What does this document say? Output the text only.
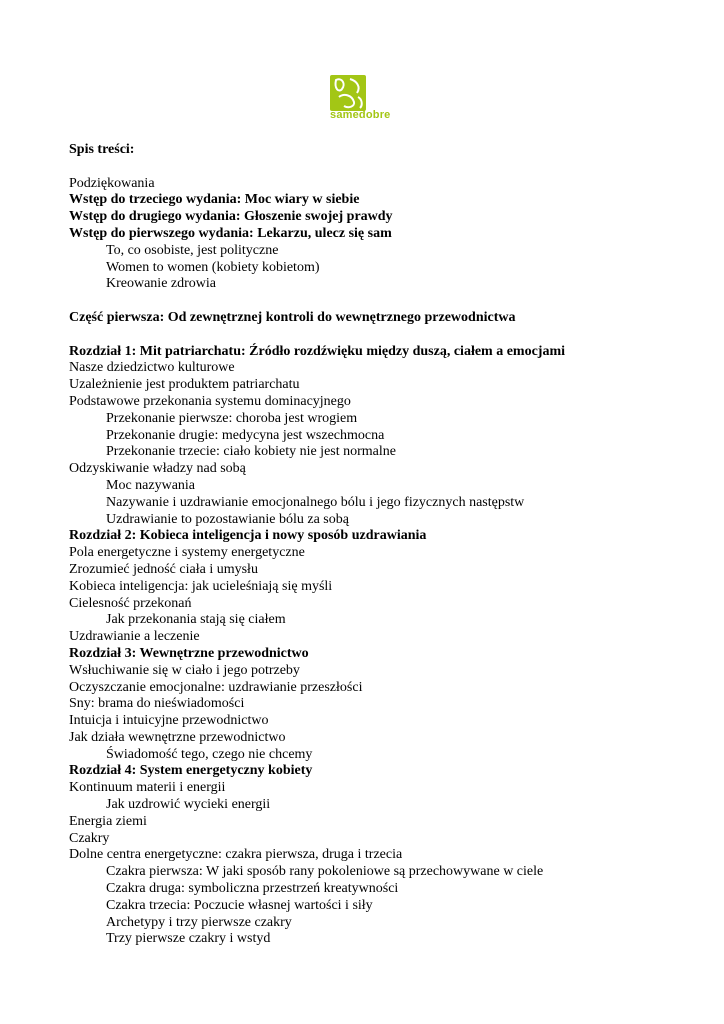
samedobre
Spis treści:
Podziękowania
Wstęp do trzeciego wydania: Moc wiary w siebie
Wstęp do drugiego wydania: Głoszenie swojej prawdy
Wstęp do pierwszego wydania: Lekarzu, ulecz się sam
To, co osobiste, jest polityczne
Women to women (kobiety kobietom)
Kreowanie zdrowia
Część pierwsza: Od zewnętrznej kontroli do wewnętrznego przewodnictwa
Rozdział 1: Mit patriarchatu: Źródło rozdźwięku między duszą, ciałem a emocjami
Nasze dziedzictwo kulturowe
Uzależnienie jest produktem patriarchatu
Podstawowe przekonania systemu dominacyjnego
Przekonanie pierwsze: choroba jest wrogiem
Przekonanie drugie: medycyna jest wszechmocna
Przekonanie trzecie: ciało kobiety nie jest normalne
Odzyskiwanie władzy nad sobą
Moc nazywania
Nazywanie i uzdrawianie emocjonalnego bólu i jego fizycznych następstw
Uzdrawianie to pozostawianie bólu za sobą
Rozdział 2: Kobieca inteligencja i nowy sposób uzdrawiania
Pola energetyczne i systemy energetyczne
Zrozumieć jedność ciała i umysłu
Kobieca inteligencja: jak ucieleśniają się myśli
Cielesność przekonań
Jak przekonania stają się ciałem
Uzdrawianie a leczenie
Rozdział 3: Wewnętrzne przewodnictwo
Wsłuchiwanie się w ciało i jego potrzeby
Oczyszczanie emocjonalne: uzdrawianie przeszłości
Sny: brama do nieświadomości
Intuicja i intuicyjne przewodnictwo
Jak działa wewnętrzne przewodnictwo
Świadomość tego, czego nie chcemy
Rozdział 4: System energetyczny kobiety
Kontinuum materii i energii
Jak uzdrowić wycieki energii
Energia ziemi
Czakry
Dolne centra energetyczne: czakra pierwsza, druga i trzecia
Czakra pierwsza: W jaki sposób rany pokoleniowe są przechowywane w ciele
Czakra druga: symboliczna przestrzeń kreatywności
Czakra trzecia: Poczucie własnej wartości i siły
Archetypy i trzy pierwsze czakry
Trzy pierwsze czakry i wstyd
